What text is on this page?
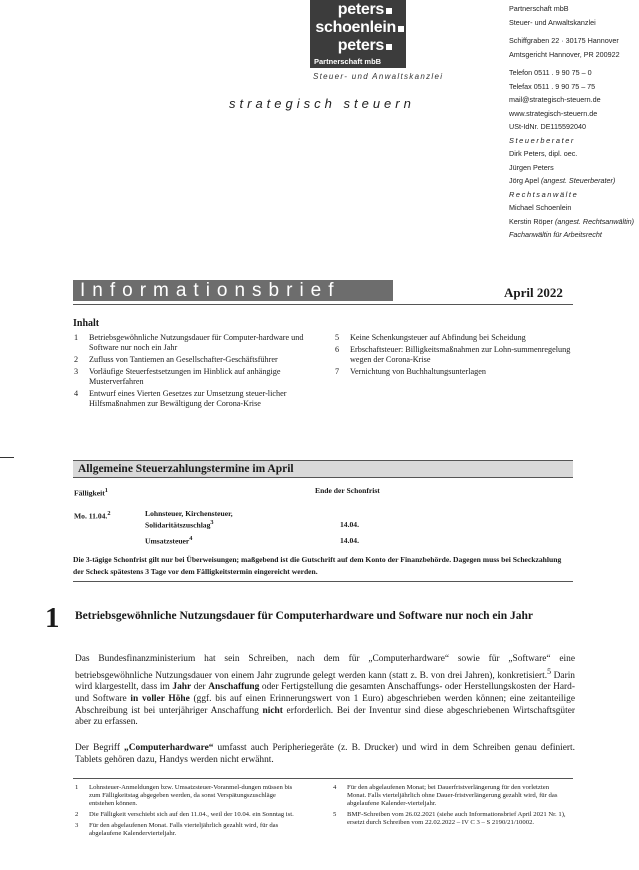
peters
schoenlein
peters
Partnerschaft mbB
Steuer- und Anwaltskanzlei
strategisch steuern
Partnerschaft mbB
Steuer- und Anwaltskanzlei
Schiffgraben 22 · 30175 Hannover
Amtsgericht Hannover, PR 200922
Telefon 0511 . 9 90 75 – 0
Telefax 0511 . 9 90 75 – 75
mail@strategisch-steuern.de
www.strategisch-steuern.de
USt-IdNr. DE115592040
Steuerberater
Dirk Peters, dipl. oec.
Jürgen Peters
Jörg Apel (angest. Steuerberater)
Rechtsanwälte
Michael Schoenlein
Kerstin Röper (angest. Rechtsanwältin)
Fachanwältin für Arbeitsrecht
Informationsbrief	April 2022
Inhalt
1 Betriebsgewöhnliche Nutzungsdauer für Computer-hardware und Software nur noch ein Jahr
2 Zufluss von Tantiemen an Gesellschafter-Geschäftsführer
3 Vorläufige Steuerfestsetzungen im Hinblick auf anhängige Musterverfahren
4 Entwurf eines Vierten Gesetzes zur Umsetzung steuer-licher Hilfsmaßnahmen zur Bewältigung der Corona-Krise
5 Keine Schenkungsteuer auf Abfindung bei Scheidung
6 Erbschaftsteuer: Billigkeitsmaßnahmen zur Lohn-summenregelung wegen der Corona-Krise
7 Vernichtung von Buchhaltungsunterlagen
Allgemeine Steuerzahlungstermine im April
Fälligkeit$^1$	Ende der Schonfrist
Mo. 11.04.$^2$	Lohnsteuer, Kirchensteuer, Solidaritätszuschlag$^3$	14.04.
Umsatzsteuer$^4$	14.04.
Die 3-tägige Schonfrist gilt nur bei Überweisungen; maßgebend ist die Gutschrift auf dem Konto der Finanzbehörde. Dagegen muss bei Scheckzahlung der Scheck spätestens 3 Tage vor dem Fälligkeitstermin eingereicht werden.
1 Betriebsgewöhnliche Nutzungsdauer für Computerhardware und Software nur noch ein Jahr
Das Bundesfinanzministerium hat sein Schreiben, nach dem für „Computerhardware“ sowie für „Software“ eine betriebsgewöhnliche Nutzungsdauer von einem Jahr zugrunde gelegt werden kann (statt z. B. von drei Jahren), konkretisiert.$^5$ Darin wird klargestellt, dass im Jahr der Anschaffung oder Fertigstellung die gesamten Anschaffungs- oder Herstellungskosten der Hard- und Software in voller Höhe (ggf. bis auf einen Erinnerungswert von 1 Euro) abgeschrieben werden können; eine zeitanteilige Abschreibung ist bei unterjähriger Anschaffung nicht erforderlich. Bei der Inventur sind diese abgeschriebenen Wirtschaftsgüter aber zu erfassen.
Der Begriff „Computerhardware“ umfasst auch Peripheriegeräte (z. B. Drucker) und wird in dem Schreiben genau definiert. Tablets gehören dazu, Handys werden nicht erwähnt.
1 Lohnsteuer-Anmeldungen bzw. Umsatzsteuer-Voranmel-dungen müssen bis zum Fälligkeitstag abgegeben werden, da sonst Verspätungszuschläge entstehen können.
2 Die Fälligkeit verschiebt sich auf den 11.04., weil der 10.04. ein Sonntag ist.
3 Für den abgelaufenen Monat. Falls vierteljährlich gezahlt wird, für das abgelaufene Kalendervierteljahr.
4 Für den abgelaufenen Monat; bei Dauerfristverlängerung für den vorletzten Monat. Falls vierteljährlich ohne Dauer-fristverlängerung gezahlt wird, für das abgelaufene Kalender-vierteljahr.
5 BMF-Schreiben vom 26.02.2021 (siehe auch Informationsbrief April 2021 Nr. 1), ersetzt durch Schreiben vom 22.02.2022 – IV C 3 – S 2190/21/10002.
